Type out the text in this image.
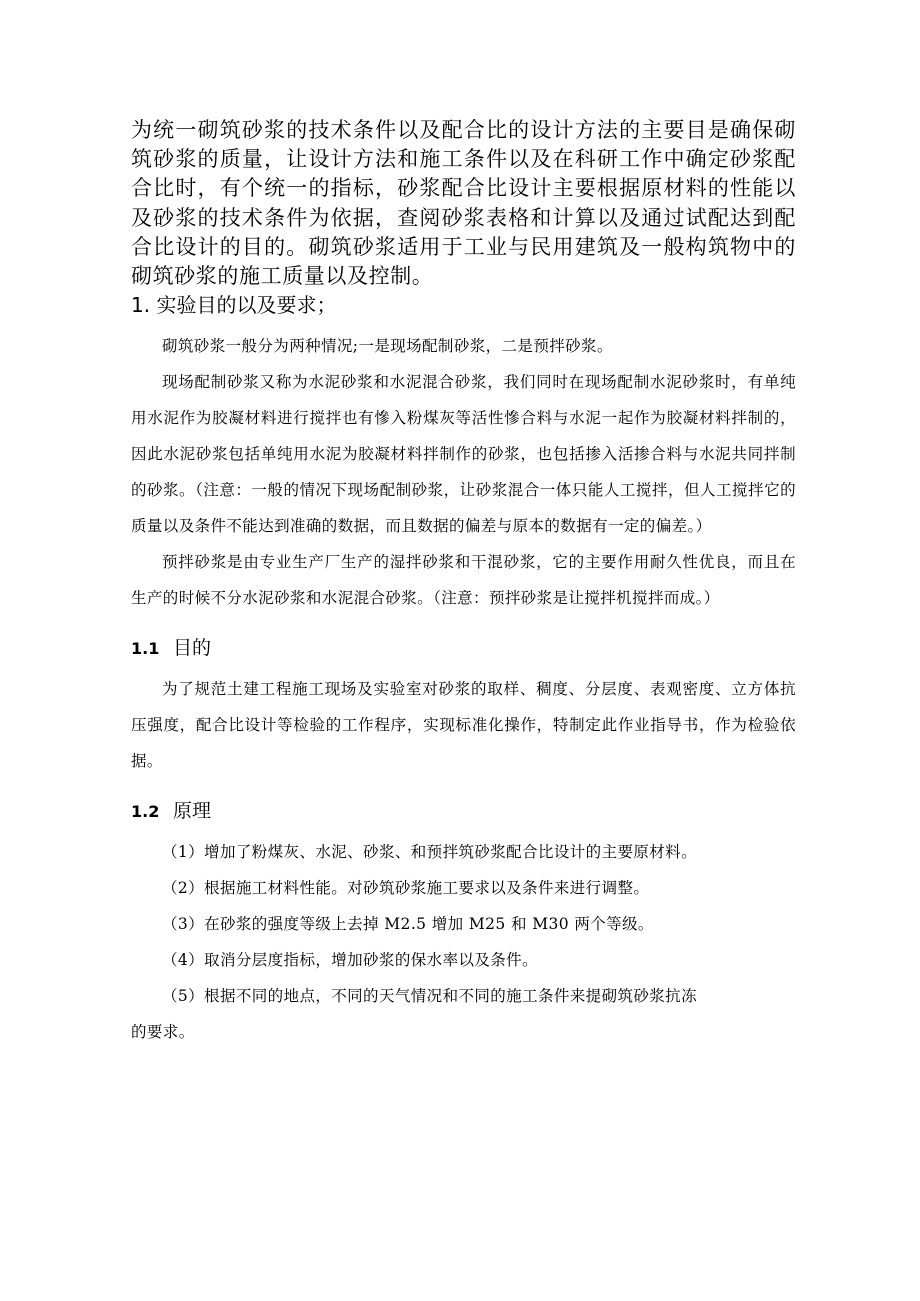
为统一砌筑砂浆的技术条件以及配合比的设计方法的主要目是确保砌筑砂浆的质量，让设计方法和施工条件以及在科研工作中确定砂浆配合比时，有个统一的指标，砂浆配合比设计主要根据原材料的性能以及砂浆的技术条件为依据，查阅砂浆表格和计算以及通过试配达到配合比设计的目的。砌筑砂浆适用于工业与民用建筑及一般构筑物中的砌筑砂浆的施工质量以及控制。

1. 实验目的以及要求；

砌筑砂浆一般分为两种情况;一是现场配制砂浆，二是预拌砂浆。

现场配制砂浆又称为水泥砂浆和水泥混合砂浆，我们同时在现场配制水泥砂浆时，有单纯用水泥作为胶凝材料进行搅拌也有慘入粉煤灰等活性慘合料与水泥一起作为胶凝材料拌制的，因此水泥砂浆包括单纯用水泥为胶凝材料拌制作的砂浆，也包括掺入活掺合料与水泥共同拌制的砂浆。（注意：一般的情况下现场配制砂浆，让砂浆混合一体只能人工搅拌，但人工搅拌它的质量以及条件不能达到准确的数据，而且数据的偏差与原本的数据有一定的偏差。）

预拌砂浆是由专业生产厂生产的湿拌砂浆和干混砂浆，它的主要作用耐久性优良，而且在生产的时候不分水泥砂浆和水泥混合砂浆。（注意：预拌砂浆是让搅拌机搅拌而成。）

1.1 目的

为了规范土建工程施工现场及实验室对砂浆的取样、稠度、分层度、表观密度、立方体抗压强度，配合比设计等检验的工作程序，实现标准化操作，特制定此作业指导书，作为检验依据。

1.2 原理

（1）增加了粉煤灰、水泥、砂浆、和预拌筑砂浆配合比设计的主要原材料。

（2）根据施工材料性能。对砂筑砂浆施工要求以及条件来进行调整。

（3）在砂浆的强度等级上去掉 M2.5 增加 M25 和 M30 两个等级。

（4）取消分层度指标，增加砂浆的保水率以及条件。

（5）根据不同的地点，不同的天气情况和不同的施工条件来提砌筑砂浆抗冻

的要求。
